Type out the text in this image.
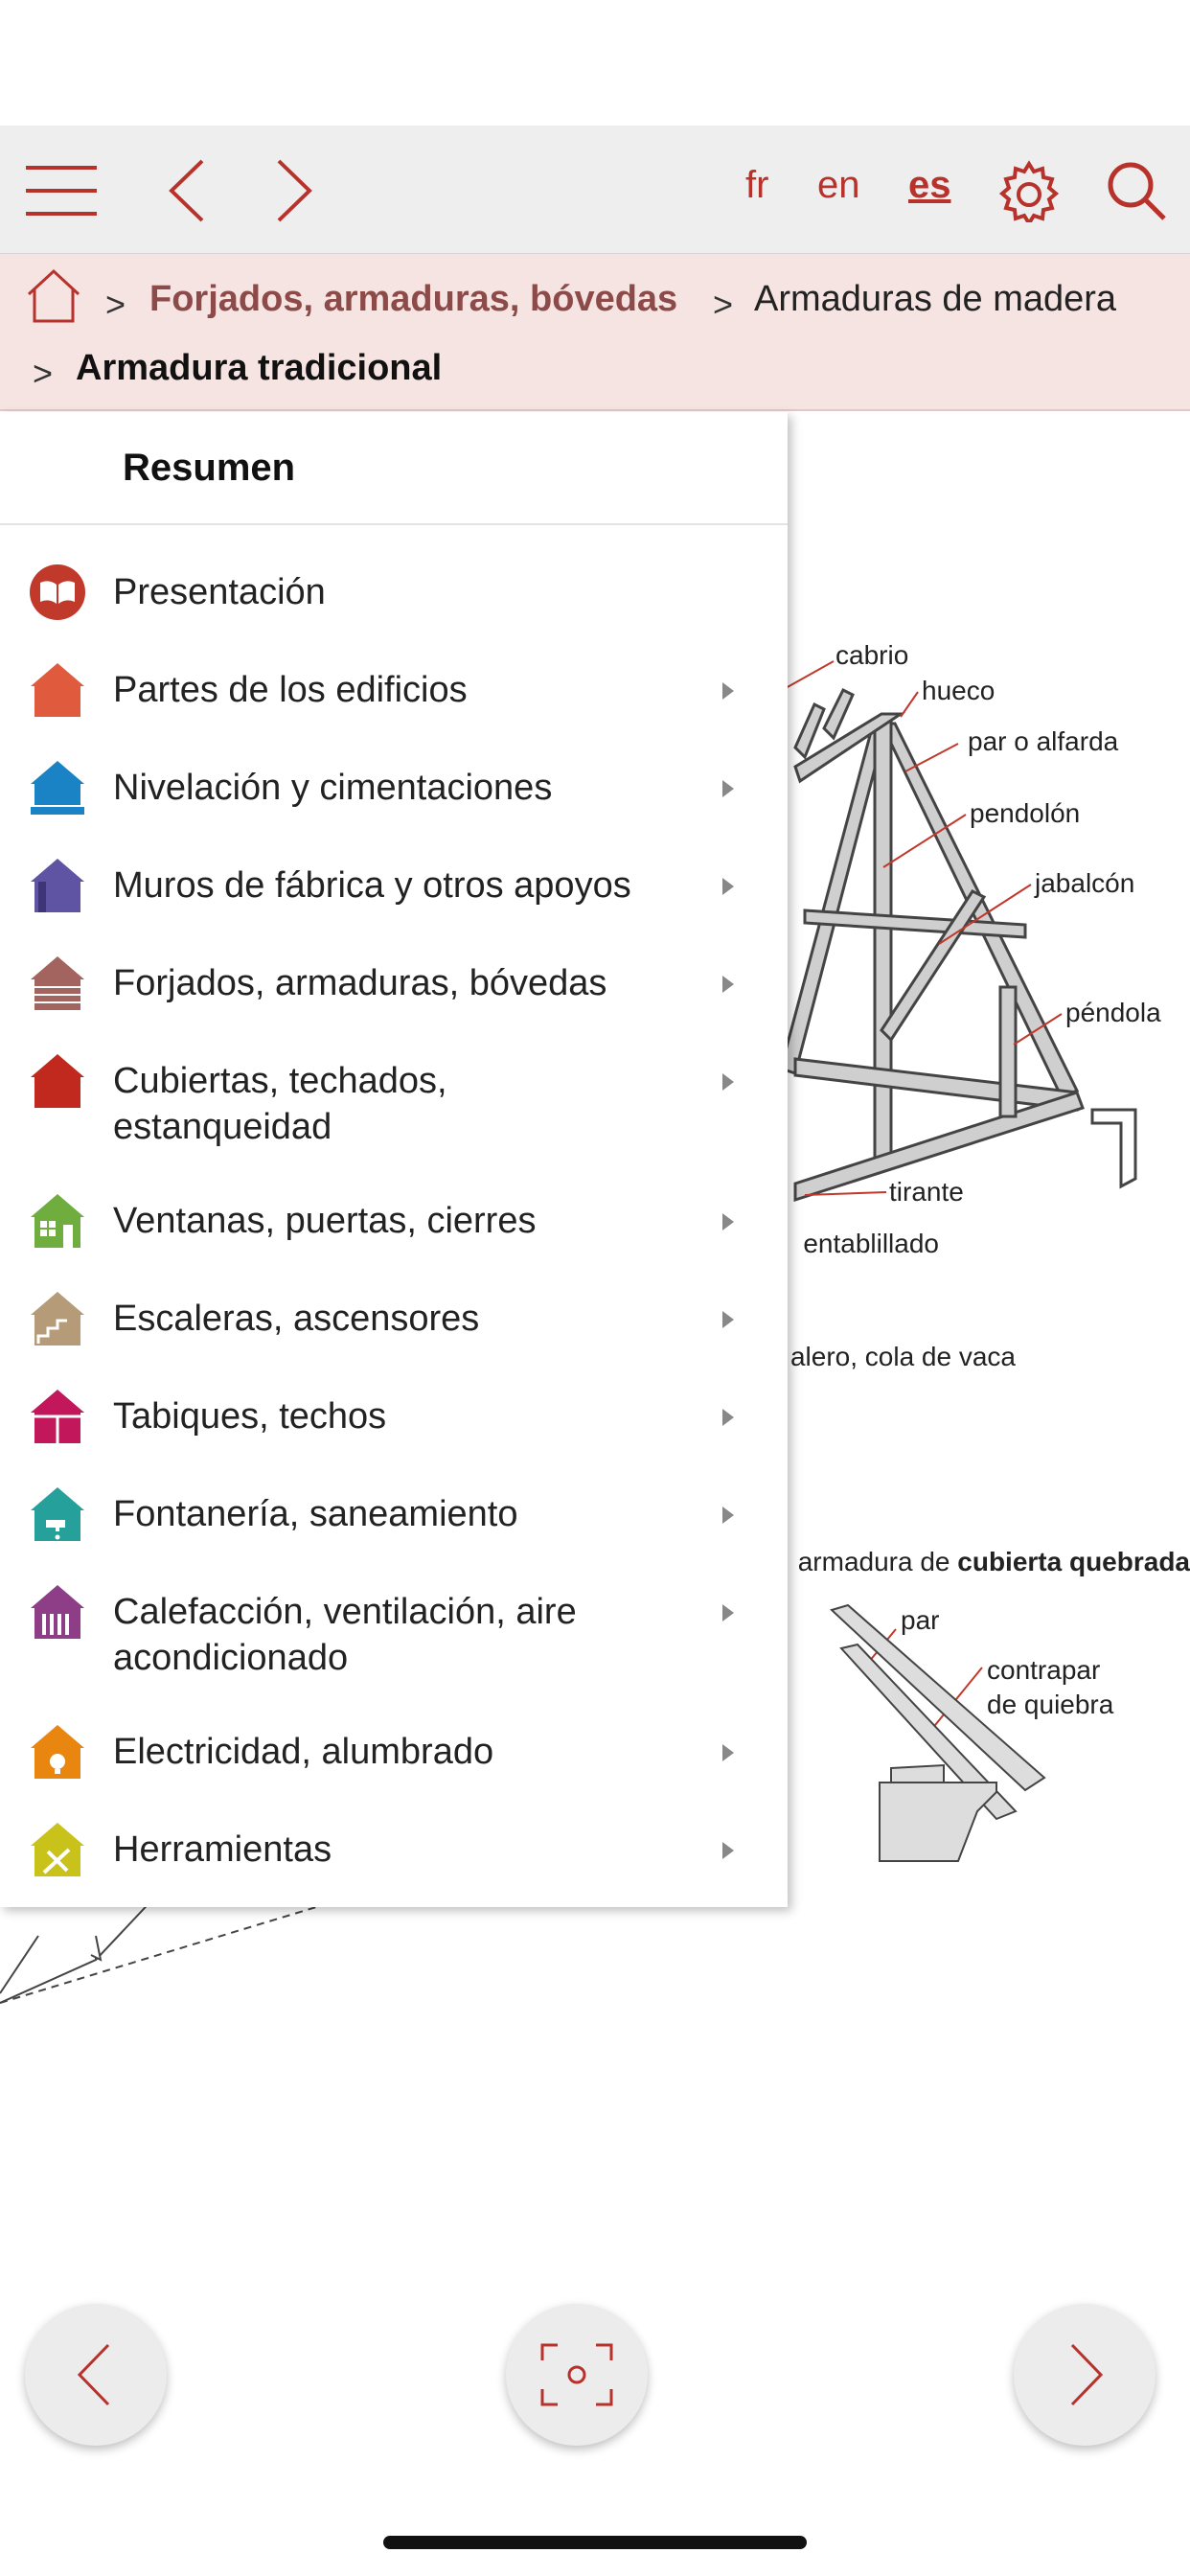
fr en es
> Forjados, armaduras, bóvedas > Armaduras de madera
> Armadura tradicional
cabrio
hueco
par o alfarda
pendolón
jabalcón
péndola
tirante
entablillado
alero, cola de vaca
armadura de cubierta quebrada
par
contrapar
de quiebra
Resumen
Presentación
Partes de los edificios
Nivelación y cimentaciones
Muros de fábrica y otros apoyos
Forjados, armaduras, bóvedas
Cubiertas, techados, estanqueidad
Ventanas, puertas, cierres
Escaleras, ascensores
Tabiques, techos
Fontanería, saneamiento
Calefacción, ventilación, aire acondicionado
Electricidad, alumbrado
Herramientas
